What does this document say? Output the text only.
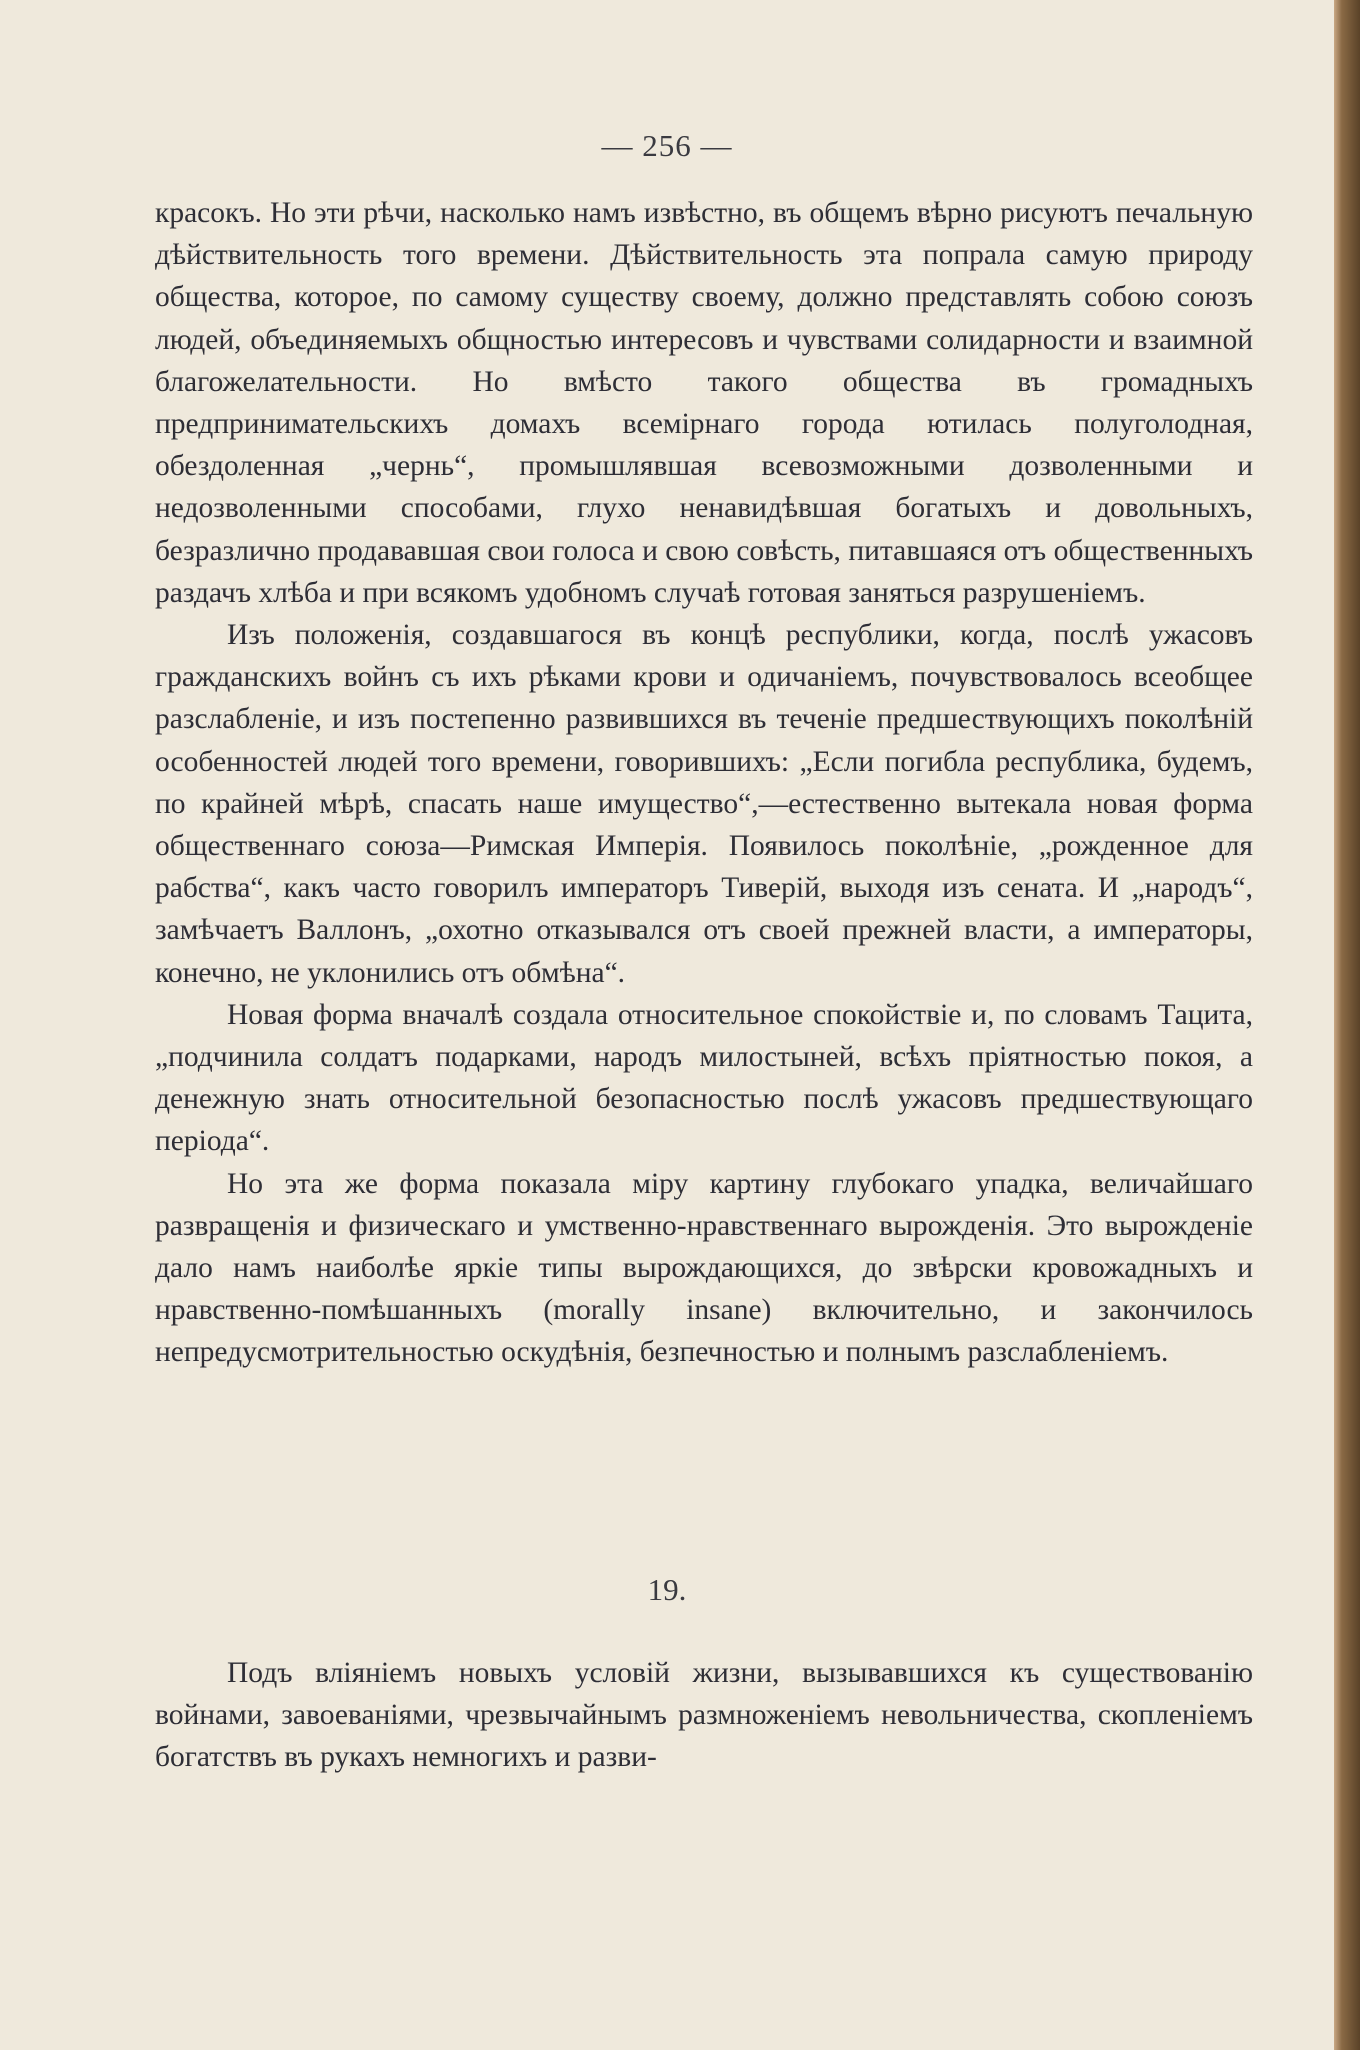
— 256 —

красокъ. Но эти рѣчи, насколько намъ извѣстно, въ общемъ вѣрно рисуютъ печальную дѣйствительность того времени. Дѣйствительность эта попрала самую природу общества, которое, по самому существу своему, должно представлять собою союзъ людей, объединяемыхъ общностью интересовъ и чувствами солидарности и взаимной благожелательности. Но вмѣсто такого общества въ громадныхъ предпринимательскихъ домахъ всемірнаго города ютилась полуголодная, обездоленная „чернь“, промышлявшая всевозможными дозволенными и недозволенными способами, глухо ненавидѣвшая богатыхъ и довольныхъ, безразлично продававшая свои голоса и свою совѣсть, питавшаяся отъ общественныхъ раздачъ хлѣба и при всякомъ удобномъ случаѣ готовая заняться разрушеніемъ.

Изъ положенія, создавшагося въ концѣ республики, когда, послѣ ужасовъ гражданскихъ войнъ съ ихъ рѣками крови и одичаніемъ, почувствовалось всеобщее разслабленіе, и изъ постепенно развившихся въ теченіе предшествующихъ поколѣній особенностей людей того времени, говорившихъ: „Если погибла республика, будемъ, по крайней мѣрѣ, спасать наше имущество“,—естественно вытекала новая форма общественнаго союза—Римская Имперія. Появилось поколѣніе, „рожденное для рабства“, какъ часто говорилъ императоръ Тиверій, выходя изъ сената. И „народъ“, замѣчаетъ Валлонъ, „охотно отказывался отъ своей прежней власти, а императоры, конечно, не уклонились отъ обмѣна“.

Новая форма вначалѣ создала относительное спокойствіе и, по словамъ Тацита, „подчинила солдатъ подарками, народъ милостыней, всѣхъ пріятностью покоя, а денежную знать относительной безопасностью послѣ ужасовъ предшествующаго періода“.

Но эта же форма показала міру картину глубокаго упадка, величайшаго развращенія и физическаго и умственно-нравственнаго вырожденія. Это вырожденіе дало намъ наиболѣе яркіе типы вырождающихся, до звѣрски кровожадныхъ и нравственно-помѣшанныхъ (morally insane) включительно, и закончилось непредусмотрительностью оскудѣнія, безпечностью и полнымъ разслабленіемъ.

19.

Подъ вліяніемъ новыхъ условій жизни, вызывавшихся къ существованію войнами, завоеваніями, чрезвычайнымъ размноженіемъ невольничества, скопленіемъ богатствъ въ рукахъ немногихъ и разви-
